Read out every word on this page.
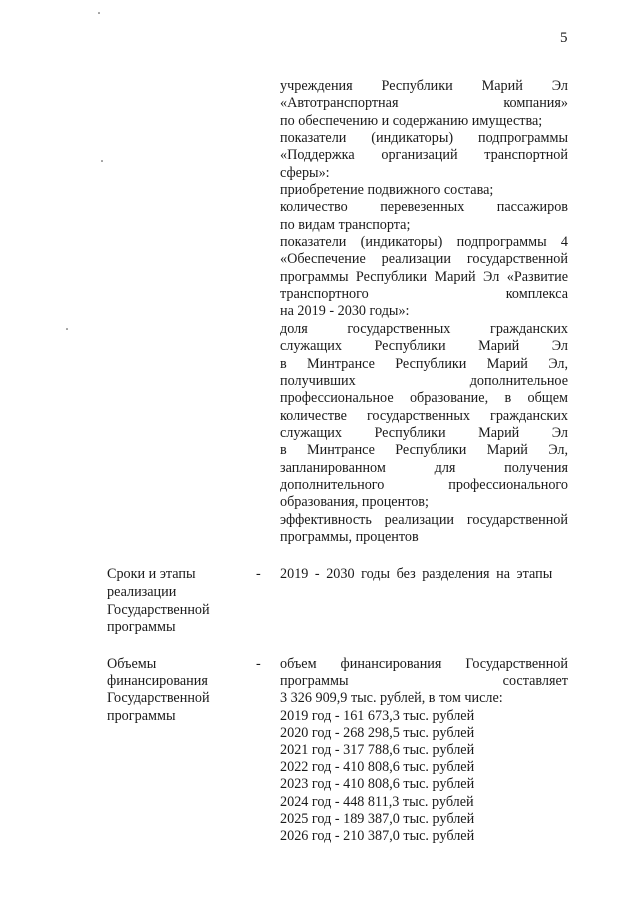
5
учреждения Республики Марий Эл
«Автотранспортная компания»
по обеспечению и содержанию имущества;
показатели (индикаторы) подпрограммы
«Поддержка организаций транспортной
сферы»:
приобретение подвижного состава;
количество перевезенных пассажиров
по видам транспорта;
показатели (индикаторы) подпрограммы 4
«Обеспечение реализации государственной
программы Республики Марий Эл «Развитие
транспортного комплекса
на 2019 - 2030 годы»:
доля государственных гражданских
служащих Республики Марий Эл
в Минтрансе Республики Марий Эл,
получивших дополнительное
профессиональное образование, в общем
количестве государственных гражданских
служащих Республики Марий Эл
в Минтрансе Республики Марий Эл,
запланированном для получения
дополнительного профессионального
образования, процентов;
эффективность реализации государственной
программы, процентов
Сроки и этапы
реализации
Государственной
программы
-	2019 - 2030 годы без разделения на этапы
Объемы
финансирования
Государственной
программы
-	объем финансирования Государственной
программы составляет
3 326 909,9 тыс. рублей, в том числе:
2019 год - 161 673,3 тыс. рублей
2020 год - 268 298,5 тыс. рублей
2021 год - 317 788,6 тыс. рублей
2022 год - 410 808,6 тыс. рублей
2023 год - 410 808,6 тыс. рублей
2024 год - 448 811,3 тыс. рублей
2025 год - 189 387,0 тыс. рублей
2026 год - 210 387,0 тыс. рублей
